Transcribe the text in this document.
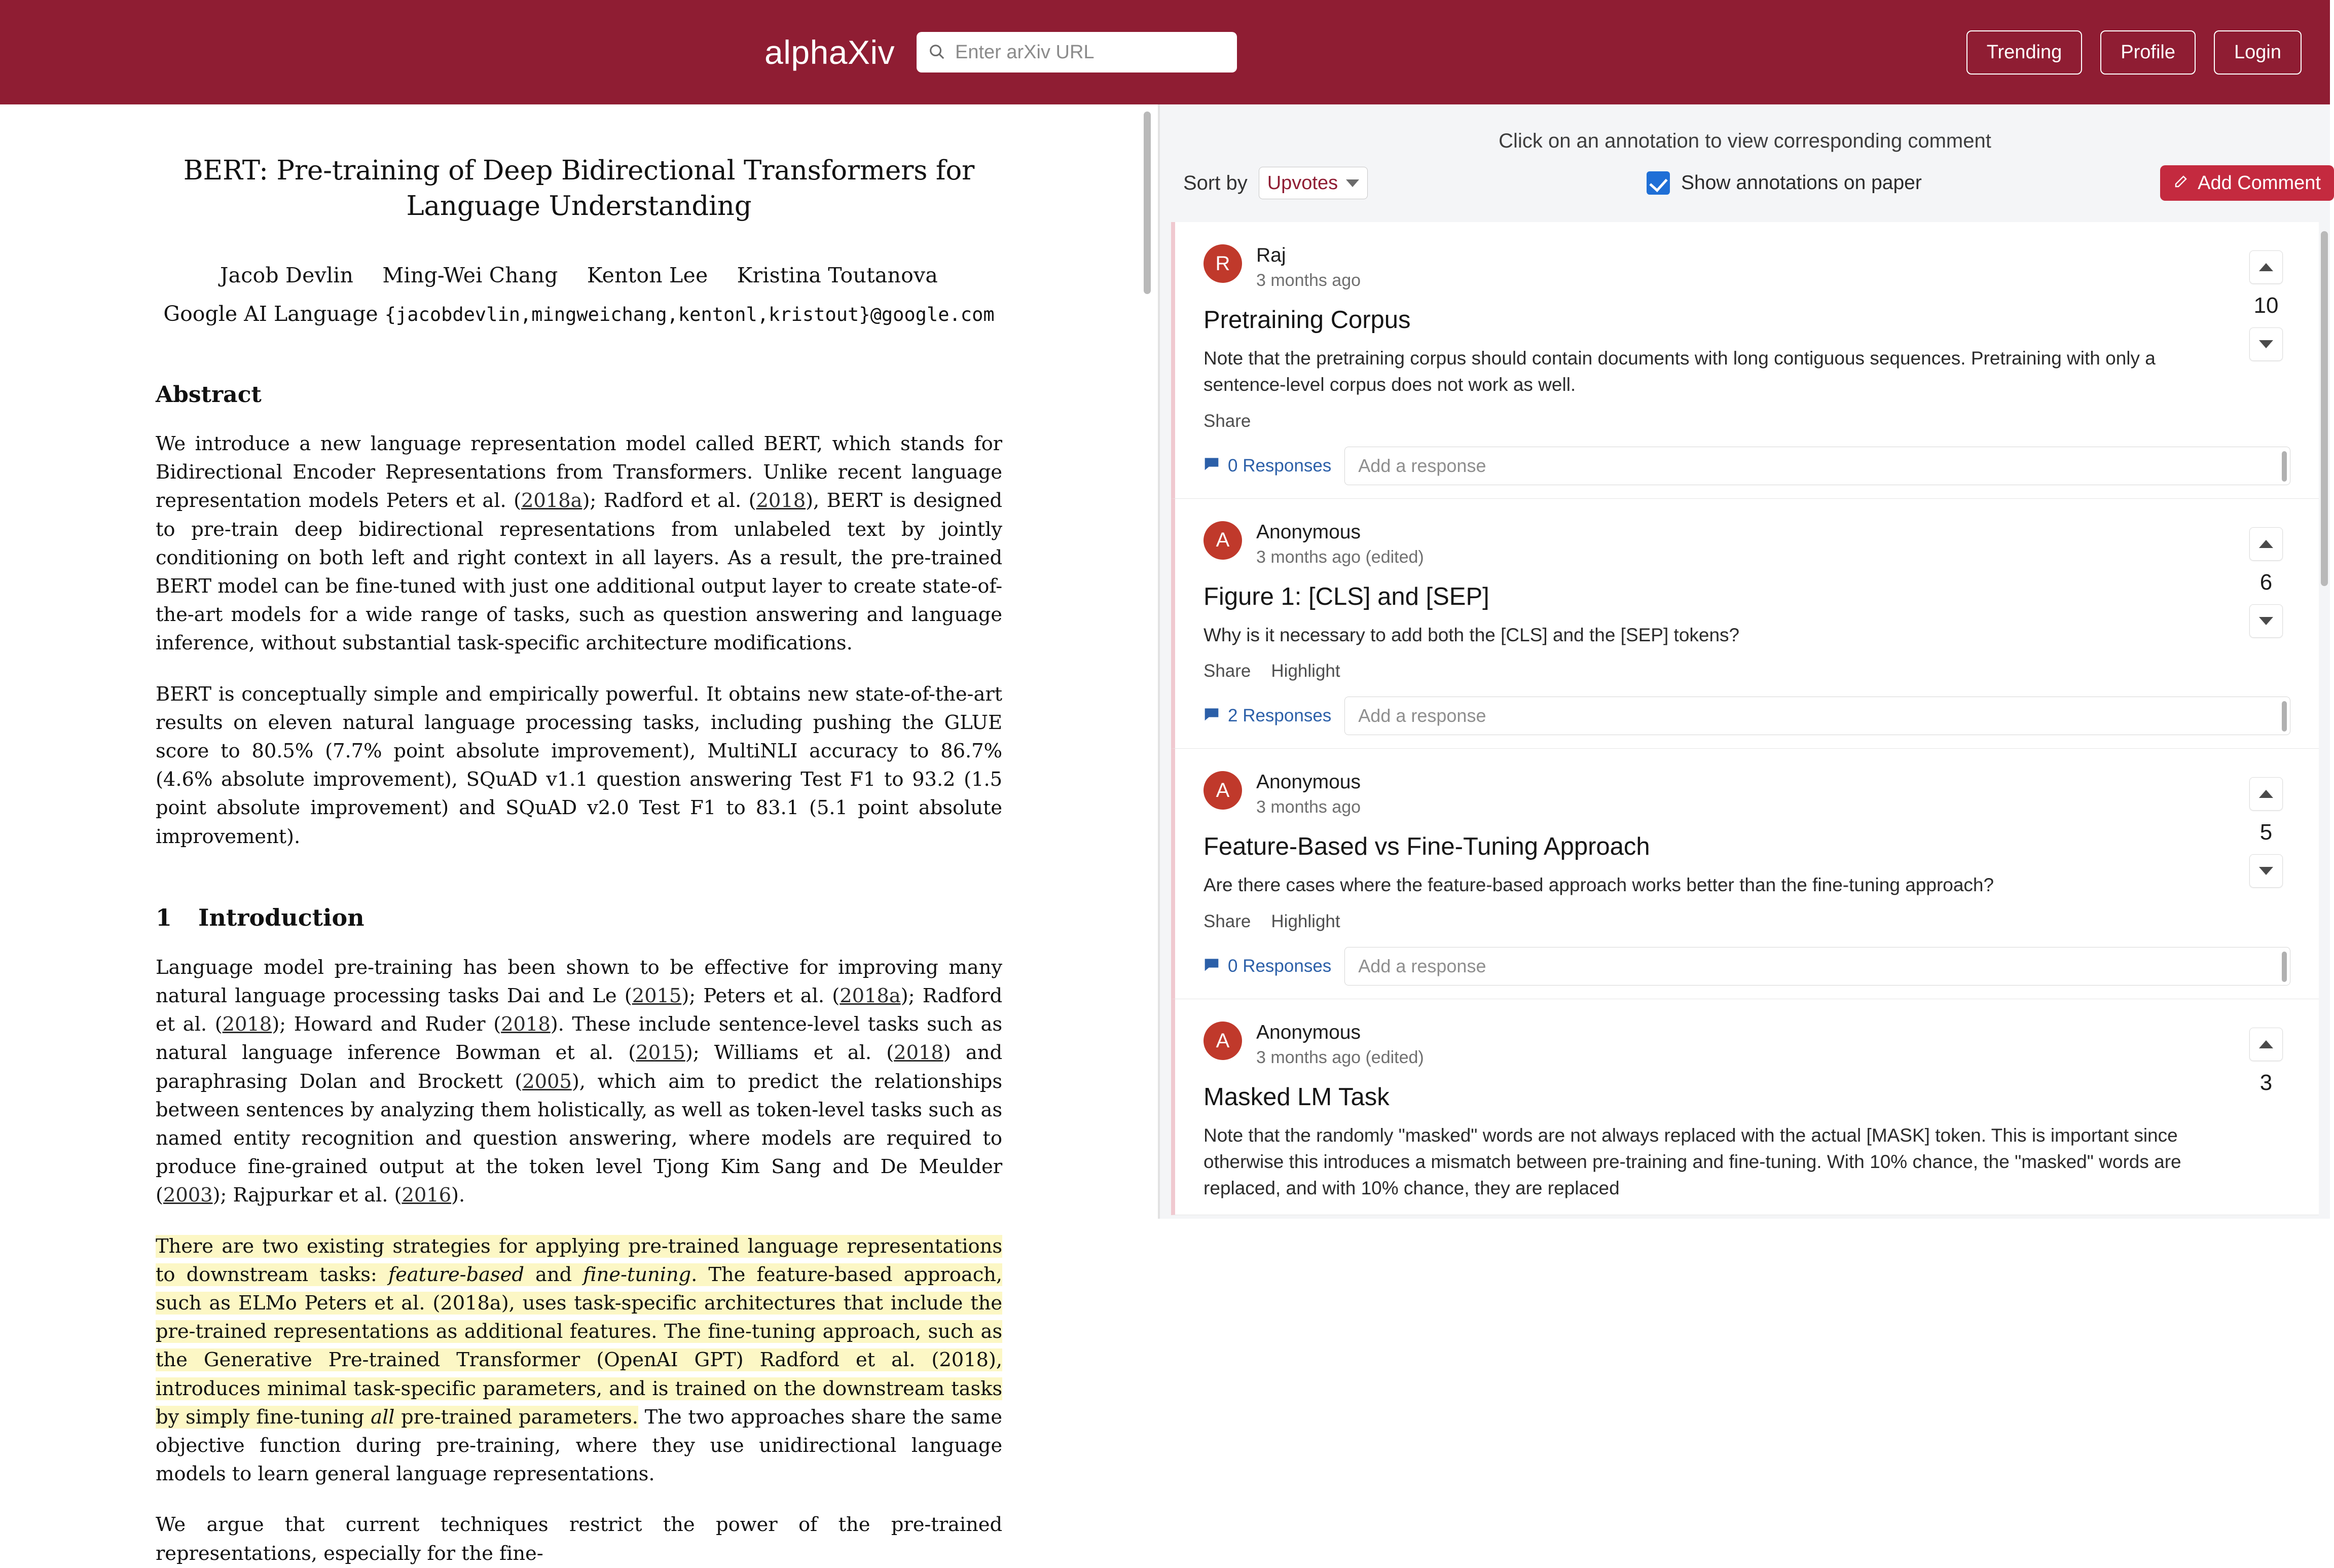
alphaXiv
Enter arXiv URL	Trending	Profile	Login
BERT: Pre-training of Deep Bidirectional Transformers for Language Understanding
Jacob Devlin Ming-Wei Chang Kenton Lee Kristina Toutanova
Google AI Language {jacobdevlin,mingweichang,kentonl,kristout}@google.com
Abstract

We introduce a new language representation model called BERT, which stands for Bidirectional Encoder Representations from Transformers. Unlike recent language representation models Peters et al. (2018a); Radford et al. (2018), BERT is designed to pre-train deep bidirectional representations from unlabeled text by jointly conditioning on both left and right context in all layers. As a result, the pre-trained BERT model can be fine-tuned with just one additional output layer to create state-of-the-art models for a wide range of tasks, such as question answering and language inference, without substantial task-specific architecture modifications.

BERT is conceptually simple and empirically powerful. It obtains new state-of-the-art results on eleven natural language processing tasks, including pushing the GLUE score to 80.5% (7.7% point absolute improvement), MultiNLI accuracy to 86.7% (4.6% absolute improvement), SQuAD v1.1 question answering Test F1 to 93.2 (1.5 point absolute improvement) and SQuAD v2.0 Test F1 to 83.1 (5.1 point absolute improvement).

1 Introduction

Language model pre-training has been shown to be effective for improving many natural language processing tasks Dai and Le (2015); Peters et al. (2018a); Radford et al. (2018); Howard and Ruder (2018). These include sentence-level tasks such as natural language inference Bowman et al. (2015); Williams et al. (2018) and paraphrasing Dolan and Brockett (2005), which aim to predict the relationships between sentences by analyzing them holistically, as well as token-level tasks such as named entity recognition and question answering, where models are required to produce fine-grained output at the token level Tjong Kim Sang and De Meulder (2003); Rajpurkar et al. (2016).

There are two existing strategies for applying pre-trained language representations to downstream tasks: feature-based and fine-tuning. The feature-based approach, such as ELMo Peters et al. (2018a), uses task-specific architectures that include the pre-trained representations as additional features. The fine-tuning approach, such as the Generative Pre-trained Transformer (OpenAI GPT) Radford et al. (2018), introduces minimal task-specific parameters, and is trained on the downstream tasks by simply fine-tuning all pre-trained parameters. The two approaches share the same objective function during pre-training, where they use unidirectional language models to learn general language representations.

We argue that current techniques restrict the power of the pre-trained representations, especially for the fine-

Click on an annotation to view corresponding comment
Sort by Upvotes	Show annotations on paper	Add Comment
R	Raj
3 months ago
10
Pretraining Corpus
Note that the pretraining corpus should contain documents with long contiguous sequences. Pretraining with only a sentence-level corpus does not work as well.
Share
0 Responses
Add a response
A	Anonymous
3 months ago (edited)
6
Figure 1: [CLS] and [SEP]
Why is it necessary to add both the [CLS] and the [SEP] tokens?
Share Highlight
2 Responses
Add a response
A	Anonymous
3 months ago
5
Feature-Based vs Fine-Tuning Approach
Are there cases where the feature-based approach works better than the fine-tuning approach?
Share Highlight
0 Responses
Add a response
A	Anonymous
3 months ago (edited)
3
Masked LM Task
Note that the randomly "masked" words are not always replaced with the actual [MASK] token. This is important since otherwise this introduces a mismatch between pre-training and fine-tuning. With 10% chance, the "masked" words are replaced, and with 10% chance, they are replaced
